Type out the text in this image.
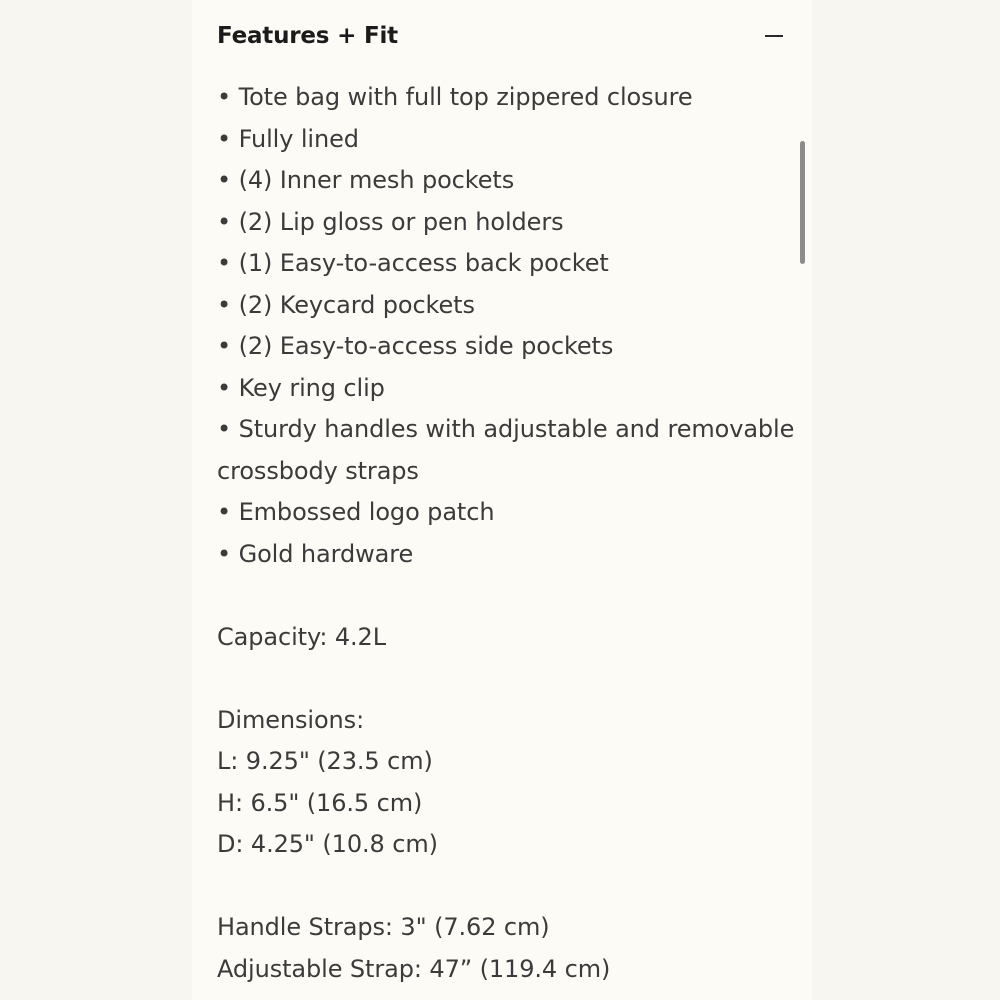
Features + Fit
• Tote bag with full top zippered closure
• Fully lined
• (4) Inner mesh pockets
• (2) Lip gloss or pen holders
• (1) Easy-to-access back pocket
• (2) Keycard pockets
• (2) Easy-to-access side pockets
• Key ring clip
• Sturdy handles with adjustable and removable
crossbody straps
• Embossed logo patch
• Gold hardware
Capacity: 4.2L
Dimensions:
L: 9.25" (23.5 cm)
H: 6.5" (16.5 cm)
D: 4.25" (10.8 cm)
Handle Straps: 3" (7.62 cm)
Adjustable Strap: 47” (119.4 cm)
